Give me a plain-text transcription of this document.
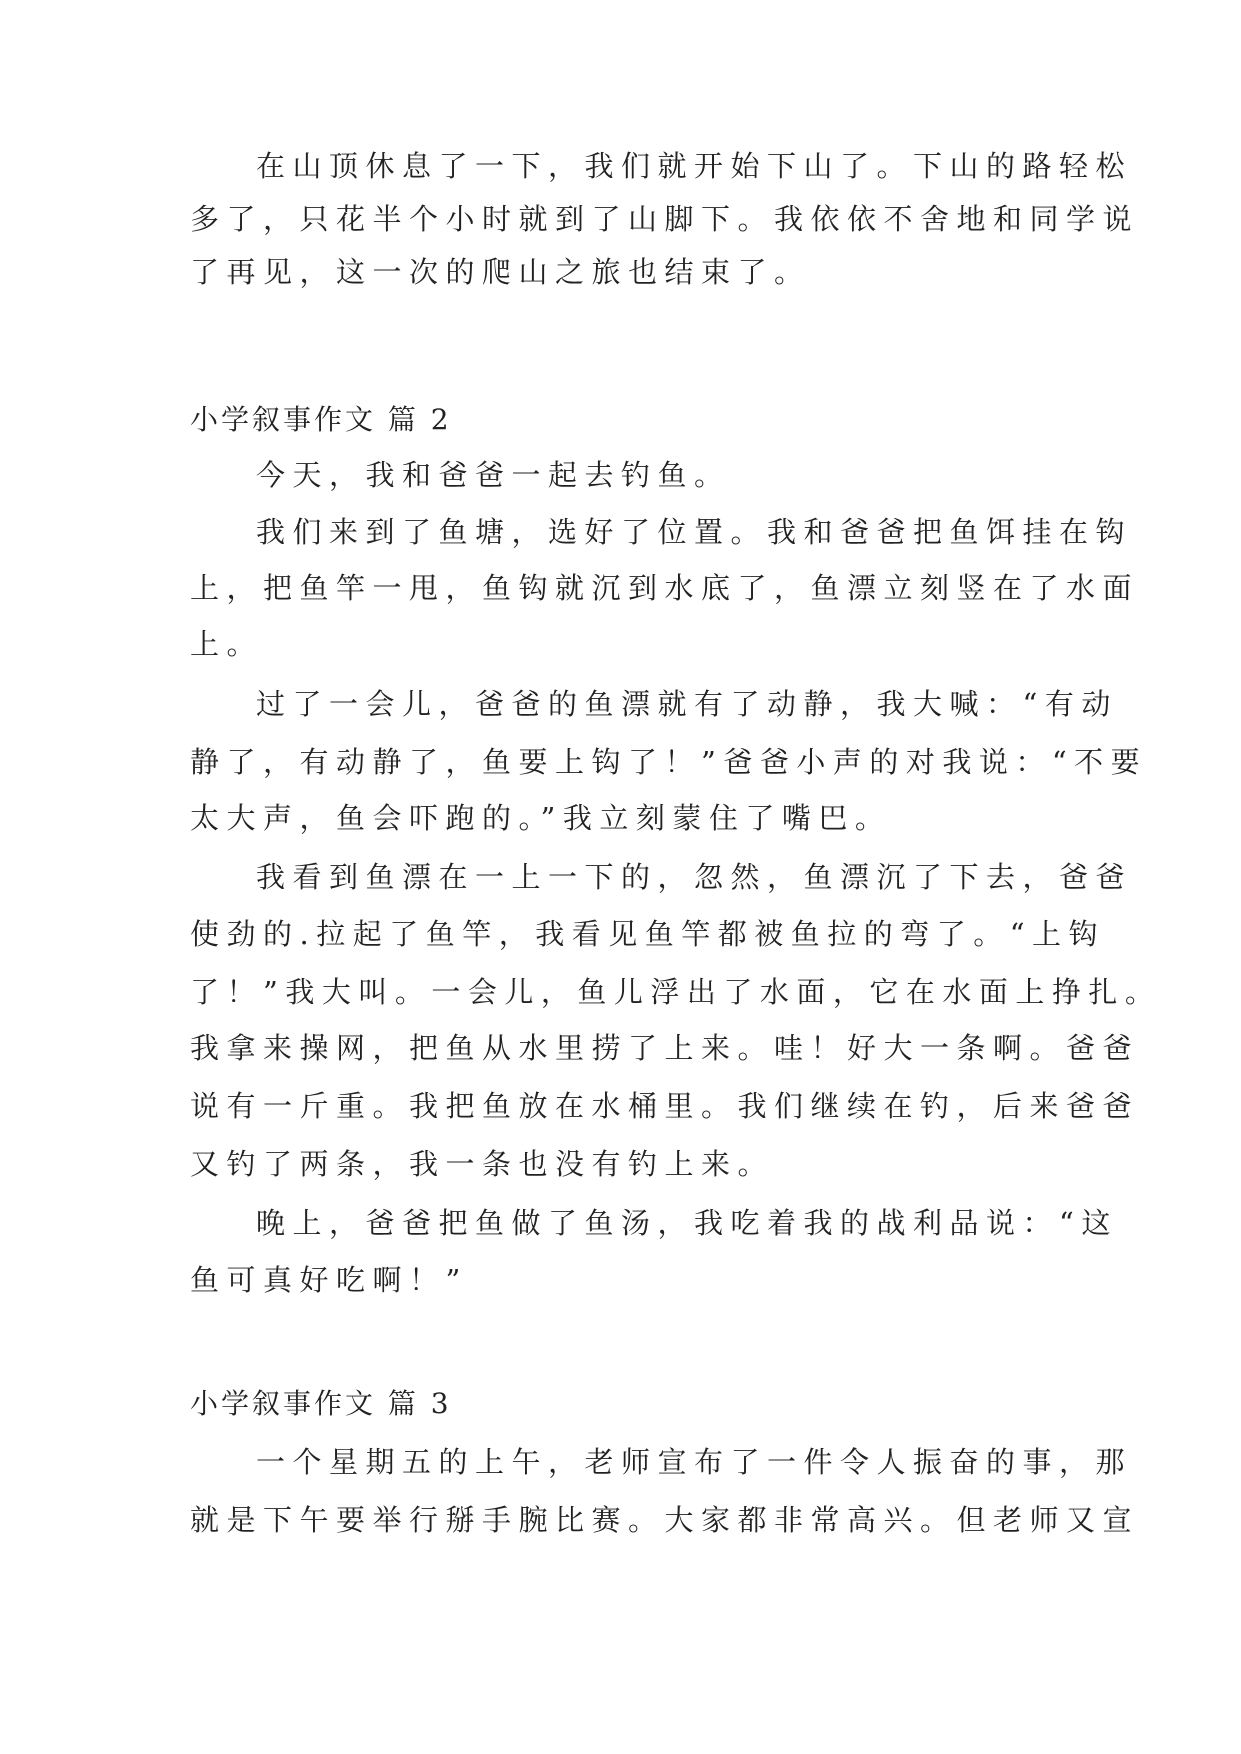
在山顶休息了一下，我们就开始下山了。下山的路轻松

多了，只花半个小时就到了山脚下。我依依不舍地和同学说

了再见，这一次的爬山之旅也结束了。

小学叙事作文 篇 2

今天，我和爸爸一起去钓鱼。

我们来到了鱼塘，选好了位置。我和爸爸把鱼饵挂在钩

上，把鱼竿一甩，鱼钩就沉到水底了，鱼漂立刻竖在了水面

上。

过了一会儿，爸爸的鱼漂就有了动静，我大喊：“有动

静了，有动静了，鱼要上钩了！”爸爸小声的对我说：“不要

太大声，鱼会吓跑的。”我立刻蒙住了嘴巴。

我看到鱼漂在一上一下的，忽然，鱼漂沉了下去，爸爸

使劲的.拉起了鱼竿，我看见鱼竿都被鱼拉的弯了。“上钩

了！”我大叫。一会儿，鱼儿浮出了水面，它在水面上挣扎。

我拿来操网，把鱼从水里捞了上来。哇！好大一条啊。爸爸

说有一斤重。我把鱼放在水桶里。我们继续在钓，后来爸爸

又钓了两条，我一条也没有钓上来。

晚上，爸爸把鱼做了鱼汤，我吃着我的战利品说：“这

鱼可真好吃啊！”

小学叙事作文 篇 3

一个星期五的上午，老师宣布了一件令人振奋的事，那

就是下午要举行掰手腕比赛。大家都非常高兴。但老师又宣
